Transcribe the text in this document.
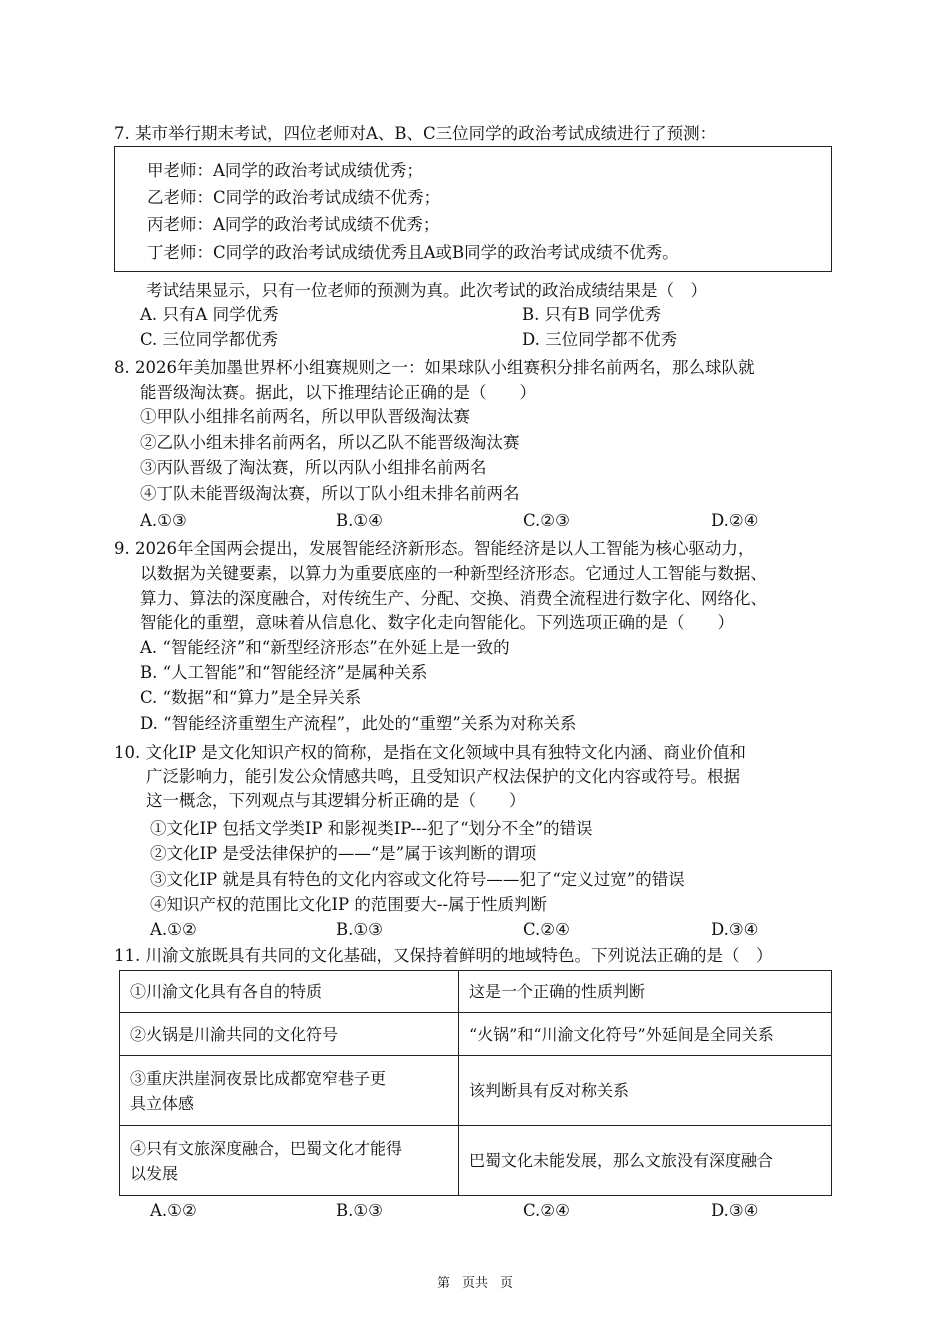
7. 某市举行期末考试，四位老师对A、B、C三位同学的政治考试成绩进行了预测：
甲老师：A同学的政治考试成绩优秀；
乙老师：C同学的政治考试成绩不优秀；
丙老师：A同学的政治考试成绩不优秀；
丁老师：C同学的政治考试成绩优秀且A或B同学的政治考试成绩不优秀。
考试结果显示，只有一位老师的预测为真。此次考试的政治成绩结果是（　）
A. 只有A 同学优秀	B. 只有B 同学优秀
C. 三位同学都优秀	D. 三位同学都不优秀
8. 2026年美加墨世界杯小组赛规则之一：如果球队小组赛积分排名前两名，那么球队就
能晋级淘汰赛。据此，以下推理结论正确的是（　　）
①甲队小组排名前两名，所以甲队晋级淘汰赛
②乙队小组未排名前两名，所以乙队不能晋级淘汰赛
③丙队晋级了淘汰赛，所以丙队小组排名前两名
④丁队未能晋级淘汰赛，所以丁队小组未排名前两名
A.①③	B.①④	C.②③	D.②④
9. 2026年全国两会提出，发展智能经济新形态。智能经济是以人工智能为核心驱动力，
以数据为关键要素，以算力为重要底座的一种新型经济形态。它通过人工智能与数据、
算力、算法的深度融合，对传统生产、分配、交换、消费全流程进行数字化、网络化、
智能化的重塑，意味着从信息化、数字化走向智能化。下列选项正确的是（　　）
A. “智能经济”和“新型经济形态”在外延上是一致的
B. “人工智能”和“智能经济”是属种关系
C. “数据”和“算力”是全异关系
D. “智能经济重塑生产流程”，此处的“重塑”关系为对称关系
10. 文化IP 是文化知识产权的简称，是指在文化领域中具有独特文化内涵、商业价值和
广泛影响力，能引发公众情感共鸣，且受知识产权法保护的文化内容或符号。根据
这一概念，下列观点与其逻辑分析正确的是（　　）
①文化IP 包括文学类IP 和影视类IP---犯了“划分不全”的错误
②文化IP 是受法律保护的——“是”属于该判断的谓项
③文化IP 就是具有特色的文化内容或文化符号——犯了“定义过宽”的错误
④知识产权的范围比文化IP 的范围要大--属于性质判断
A.①②	B.①③	C.②④	D.③④
11. 川渝文旅既具有共同的文化基础，又保持着鲜明的地域特色。下列说法正确的是（　）
①川渝文化具有各自的特质	这是一个正确的性质判断
②火锅是川渝共同的文化符号	“火锅”和“川渝文化符号”外延间是全同关系

③重庆洪崖洞夜景比成都宽窄巷子更
具立体感	该判断具有反对称关系

④只有文旅深度融合，巴蜀文化才能得
以发展	巴蜀文化未能发展，那么文旅没有深度融合
A.①②	B.①③	C.②④	D.③④
第 页共 页
